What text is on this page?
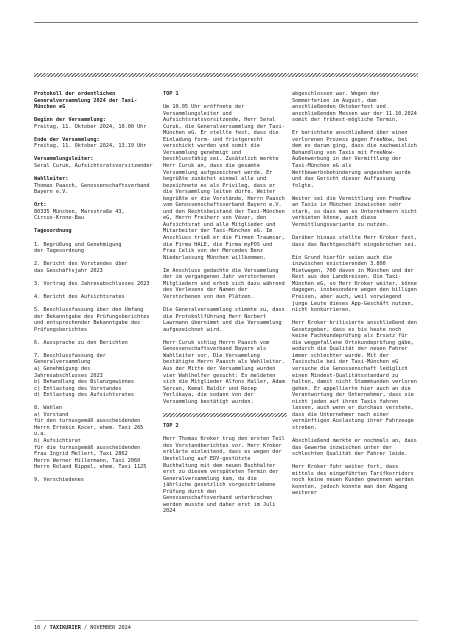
Protokoll der ordentlichen Generalversammlung 2024 der Taxi-München eG
Beginn der Versammlung:

Freitag, 11. Oktober 2024, 10.00 Uhr

Ende der Versammlung:

Freitag, 11. Oktober 2024, 13.19 Uhr

Versammlungsleiter:

Seral Curuk, Aufsichtsratsvorsitzender

Wahlleiter:

Thomas Paasch, Genossenschaftsverband Bayern e.V.

Ort:

80335 München, Marsstraße 43,
Circus-Krone-Bau

Tagesordnung
1. Begrüßung und Genehmigung
der Tagesordnung
2. Bericht des Vorstandes über
das Geschäftsjahr 2023
3. Vortrag des Jahresabschlusses 2023
4. Bericht des Aufsichtsrates
5. Beschlussfassung über den Umfang
der Bekanntgabe des Prüfungsberichtes
und entsprechender Bekanntgabe des
Prüfungsberichtes
6. Aussprache zu den Berichten
7. Beschlussfassung der Generalversammlung
a) Genehmigung des
Jahresabschlusses 2023
b) Behandlung des Bilanzgewinnes
c) Entlastung des Vorstandes
d) Entlastung des Aufsichtsrates
8. Wahlen
a) Vorstand
für den turnusgemäß ausscheidenden
Herrn Ertekin Kocer, ehem. Taxi 265
u.a.
b) Aufsichtsrat
für die turnusgemäß ausscheidenden
Frau Ingrid Mellert, Taxi 2862
Herrn Werner Hillermann, Taxi 2060
Herrn Roland Rippel, ehem. Taxi 1125
9. Verschiedenes
TOP 1

Um 10.05 Uhr eröffnete der Versammlungsleiter und Aufsichtsratsvorsitzende, Herr Seral Curuk, die Generalversammlung der Taxi-München eG. Er stellte fest, dass die Einladung form- und fristgerecht verschickt wurden und somit die Versammlung genehmigt und beschlussfähig sei. Zusätzlich merkte Herr Curuk an, dass die gesamte Versammlung aufgezeichnet werde. Er begrüßte zunächst einmal alle und bezeichnete es als Privileg, dass er die Versammlung leiten dürfe. Weiter begrüßte er die Vorstände, Herrn Paasch vom Genossenschaftsverband Bayern e.V. und den Rechtsbeistand der Taxi-München eG, Herrn Freiherr von Vèver, den Aufsichtsrat und alle Mitglieder und Mitarbeiter der Taxi-München eG. Im Anschluss trieß er die Firmen Traumcar, die Firma HALE, die Firma myPOS und Frau Celik von der Mercedes Benz Niederlassung München willkommen.

Im Anschluss gedachte die Versammlung der im vergangenen Jahr verstorbenen Mitgliedern und erhob sich dazu während des Verlesens der Namen der Verstorbenen von den Plätzen.

Die Generalversammlung stimmte zu, dass die Protokollführung Herr Norbert Lawrmann übernimmt und die Versammlung aufgezeichnet wird.

Herr Curuk schlug Herrn Paasch vom Genossenschaftsverband Bayern als Wahlleiter vor. Die Versammlung bestätigte Herrn Paasch als Wahlleiter. Aus der Mitte der Versammlung wurden vier Wahlhelfer gesucht: Es meldeten sich die Mitglieder Alfons Haller, Adam Sercan, Kemal Baldir und Recep Yerlikaya, die sodann von der Versammlung bestätigt wurden.

TOP 2

Herr Thomas Kroker trug den ersten Teil des Vorstandberichtes vor. Herr Kroker erklärte einleitend, dass es wegen der Umstellung auf EDV-gestützte Buchhaltung mit dem neuen Buchhalter erst zu diesem verspäteten Termin der Generalversammlung kam, da die jährliche gesetzlich vorgeschriebene Prüfung durch den Genossenschaftsverband unterbrochen werden musste und daher erst im Juli 2024

abgeschlossen war. Wegen der Sommerferien im August, dem anschließenden Oktoberfest und anschließenden Messen war der 11.10.2024 somit der frühest-mögliche Termin.

Er berichtete anschließend über einen verlorenen Prozess gegen FreeNow, bei dem es darum ging, dass die nachweislich Behandlung von Taxis mit FreeNow-Außenwerbung in der Vermittlung der Taxi-München eG als Wettbewerbsbehinderung angesehen wurde und das Gericht dieser Auffassung folgte.

Weiter sei die Vermittlung von FreeNow an Taxis in München inzwischen sehr stark, so dass man es Unternehmern nicht verbieten könne, auch diese Vermittlungsvariante zu nutzen.

Darüber hinaus stellte Herr Kroker fest, dass das Nachtgeschäft eingebrochen sei.

Ein Grund hierfür seien auch die inzwischen existierenden 3.800 Mietwagen, 700 davon in München und der Rest aus den Landkreisen. Die Taxi-München eG, so Herr Kroker weiter, könne dagegen, insbesondere wegen den billigen Preisen, aber auch, weil vorwiegend junge Leute dieses App-Geschäft nutzen, nicht konkurrieren.

Herr Kroker kritisierte anschließend den Gesetzgeber, dass es bis heute noch keine Fachkundeprüfung als Ersatz für die weggefallene Ortskundeprüfung gäbe, wodurch die Qualität der neuen Fahrer immer schlechter wurde. Mit der Taxischule bei der Taxi-München eG versuche die Genossenschaft lediglich einen Mindest-Qualitätsstandard zu halten, damit nicht Stammkunden verloren gehen. Er appellierte hier auch an die Verantwortung der Unternehmer, dass sie nicht jeden auf ihren Taxis fahren lassen, auch wenn er durchaus verstehe, dass die Unternehmer nach einer vernünftigen Auslastung ihrer Fahrzeuge streben.

Abschließend merkte er nochmals an, dass das Gewerbe inzwischen unter der schlechten Qualität der Fahrer leide.

Herr Kroker fuhr weiter fort, dass mittels des eingeführten Tarifkorridors noch keine neuen Kunden gewonnen werden konnten, jedoch konnte man den Abgang weiterer

10 / TAXIKURIER / NOVEMBER 2024
